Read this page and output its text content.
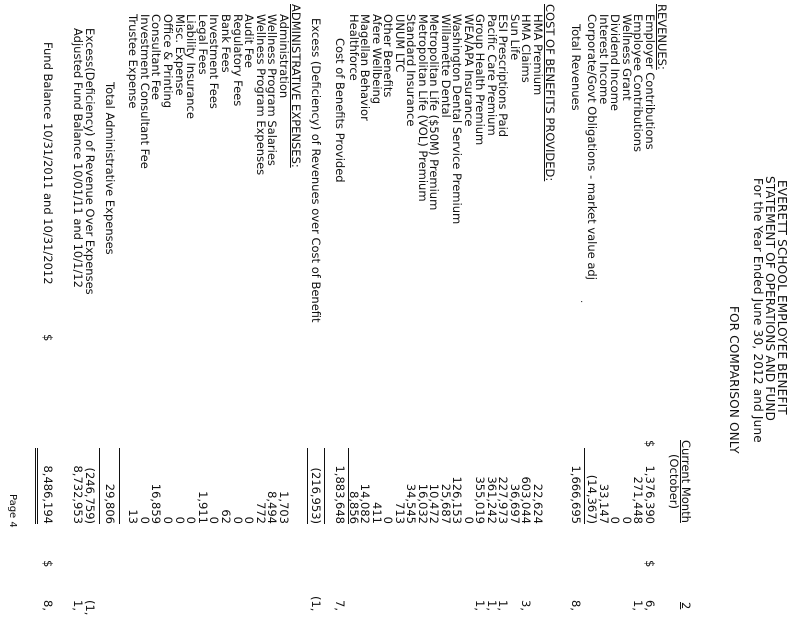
EVERETT SCHOOL EMPLOYEE BENEFIT
STATEMENT OF OPERATIONS AND FUND
For the Year Ended June 30, 2012 and June
FOR COMPARISON ONLY
Current Month
(October)
2
REVENUES:
Employer Contributions
1,376,390
$
$
6,
Employee Contributions
271,448
1,
Wellness Grant
0
Dividend Income
0
Interest Income
33,147
Corporate/Govt Obligations - market value adj
(14,367)
Total Revenues
1,666,695
8,
·
COST OF BENEFITS PROVIDED:
HMA Premium
22,624
HMA Claims
603,044
3,
Sun Life
36,697
ESI Prescriptions Paid
227,973
1,
Pacific Care Premium
361,242
1,
Group Health Premium
355,019
1,
WEA/APA Insurance
0
Washington Dental Service Premium
126,153
Willamette Dental
25,687
Metropolitan Life ($50M) Premium
10,472
Metropolitan Life (VOL) Premium
16,032
Standard Insurance
34,545
UNUM LTC
713
Other Benefits
0
Afere Wellbeing
411
Magellan Behavior
14,082
Healthforce
8,856
Cost of Benefits Provided
1,883,648
7,
Excess (Deficiency) of Revenues over Cost of Benefit
(216,953)
(1,
ADMINISTRATIVE EXPENSES:
Administration
1,703
Wellness Program Salaries
8,494
Wellness Program Expenses
772
Audit Fee
0
Regulatory Fees
0
Bank Fees
62
Investment Fees
0
Legal Fees
1,911
Liability Insurance
0
Misc. Expense
0
Office & Printing
0
Consultant Fee
16,859
Investment Consultant Fee
0
Trustee Expense
13
Total Administrative Expenses
29,806
Excess(Deficiency) of Revenue Over Expenses
(246,759)
(1,
Adjusted Fund Balance 10/01/11 and 10/1/12
8,732,953
1,
Fund Balance 10/31/2011 and 10/31/2012
$
8,486,194
$
8,
Page 4
